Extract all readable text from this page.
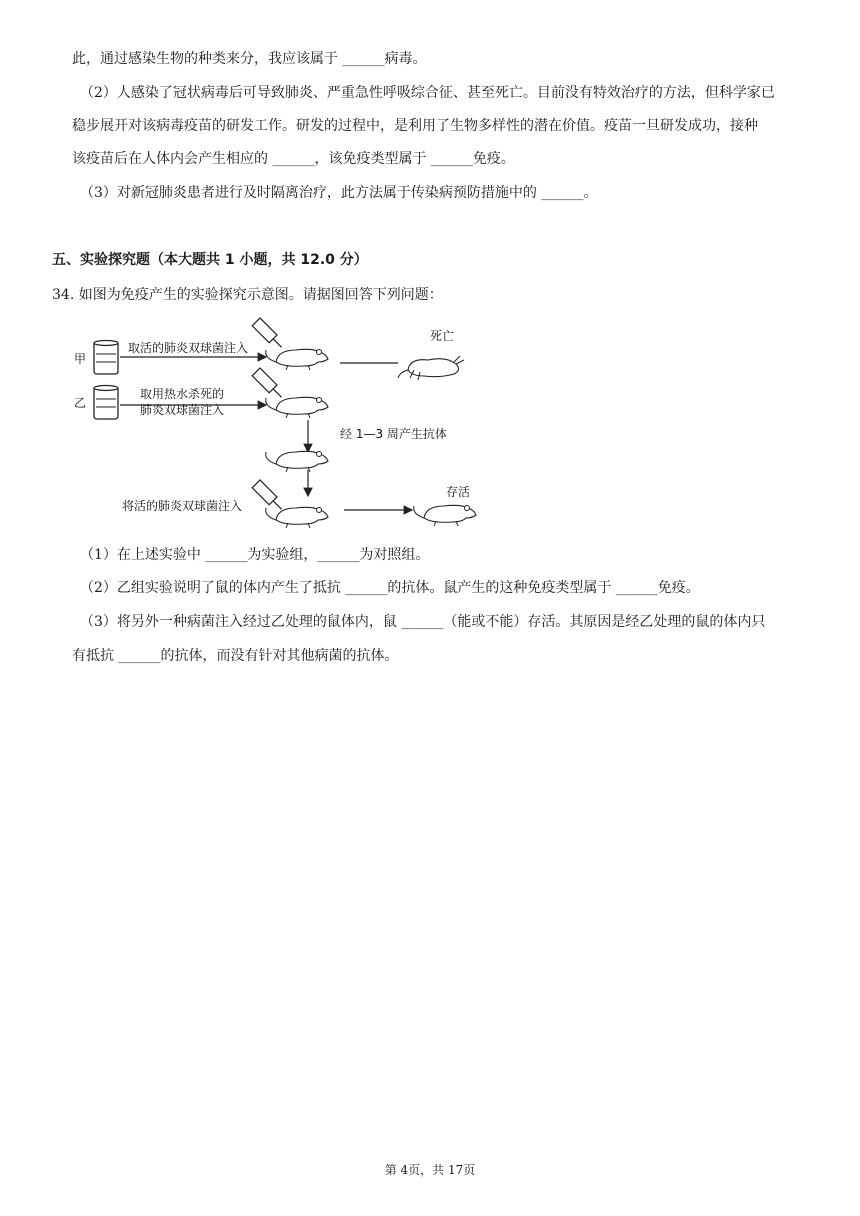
此，通过感染生物的种类来分，我应该属于 ______病毒。
（2）人感染了冠状病毒后可导致肺炎、严重急性呼吸综合征、甚至死亡。目前没有特效治疗的方法，但科学家已
稳步展开对该病毒疫苗的研发工作。研发的过程中，是利用了生物多样性的潜在价值。疫苗一旦研发成功，接种
该疫苗后在人体内会产生相应的 ______，该免疫类型属于 ______免疫。
（3）对新冠肺炎患者进行及时隔离治疗，此方法属于传染病预防措施中的 ______。
五、实验探究题（本大题共 1 小题，共 12.0 分）
34. 如图为免疫产生的实验探究示意图。请据图回答下列问题：
甲
取活的肺炎双球菌注入
死亡
乙
取用热水杀死的
肺炎双球菌注入
经 1—3 周产生抗体
将活的肺炎双球菌注入
存活
（1）在上述实验中 ______为实验组，______为对照组。
（2）乙组实验说明了鼠的体内产生了抵抗 ______的抗体。鼠产生的这种免疫类型属于 ______免疫。
（3）将另外一种病菌注入经过乙处理的鼠体内，鼠 ______（能或不能）存活。其原因是经乙处理的鼠的体内只
有抵抗 ______的抗体，而没有针对其他病菌的抗体。
第 4页，共 17页
